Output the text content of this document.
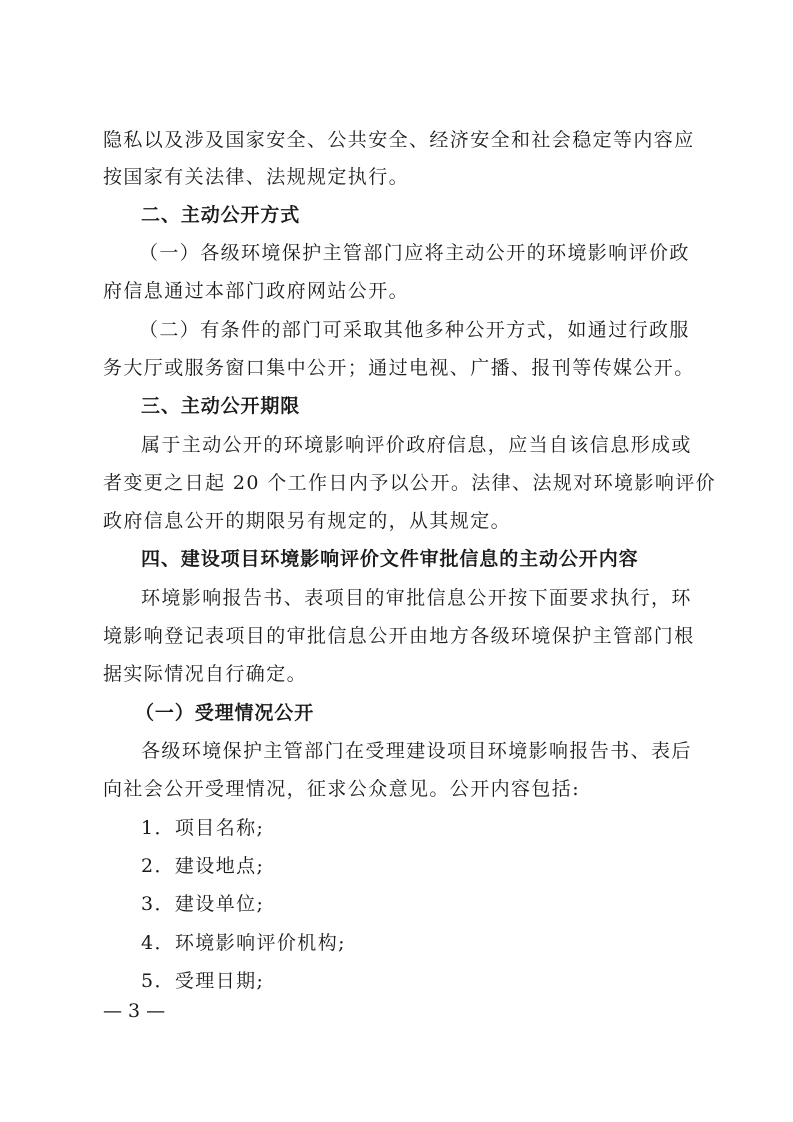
隐私以及涉及国家安全、公共安全、经济安全和社会稳定等内容应
按国家有关法律、法规规定执行。
二、主动公开方式
（一）各级环境保护主管部门应将主动公开的环境影响评价政
府信息通过本部门政府网站公开。
（二）有条件的部门可采取其他多种公开方式，如通过行政服
务大厅或服务窗口集中公开；通过电视、广播、报刊等传媒公开。
三、主动公开期限
属于主动公开的环境影响评价政府信息，应当自该信息形成或
者变更之日起 20 个工作日内予以公开。法律、法规对环境影响评价
政府信息公开的期限另有规定的，从其规定。
四、建设项目环境影响评价文件审批信息的主动公开内容
环境影响报告书、表项目的审批信息公开按下面要求执行，环
境影响登记表项目的审批信息公开由地方各级环境保护主管部门根
据实际情况自行确定。
（一）受理情况公开
各级环境保护主管部门在受理建设项目环境影响报告书、表后
向社会公开受理情况，征求公众意见。公开内容包括:
1．项目名称;
2．建设地点;
3．建设单位;
4．环境影响评价机构;
5．受理日期;
— 3 —
